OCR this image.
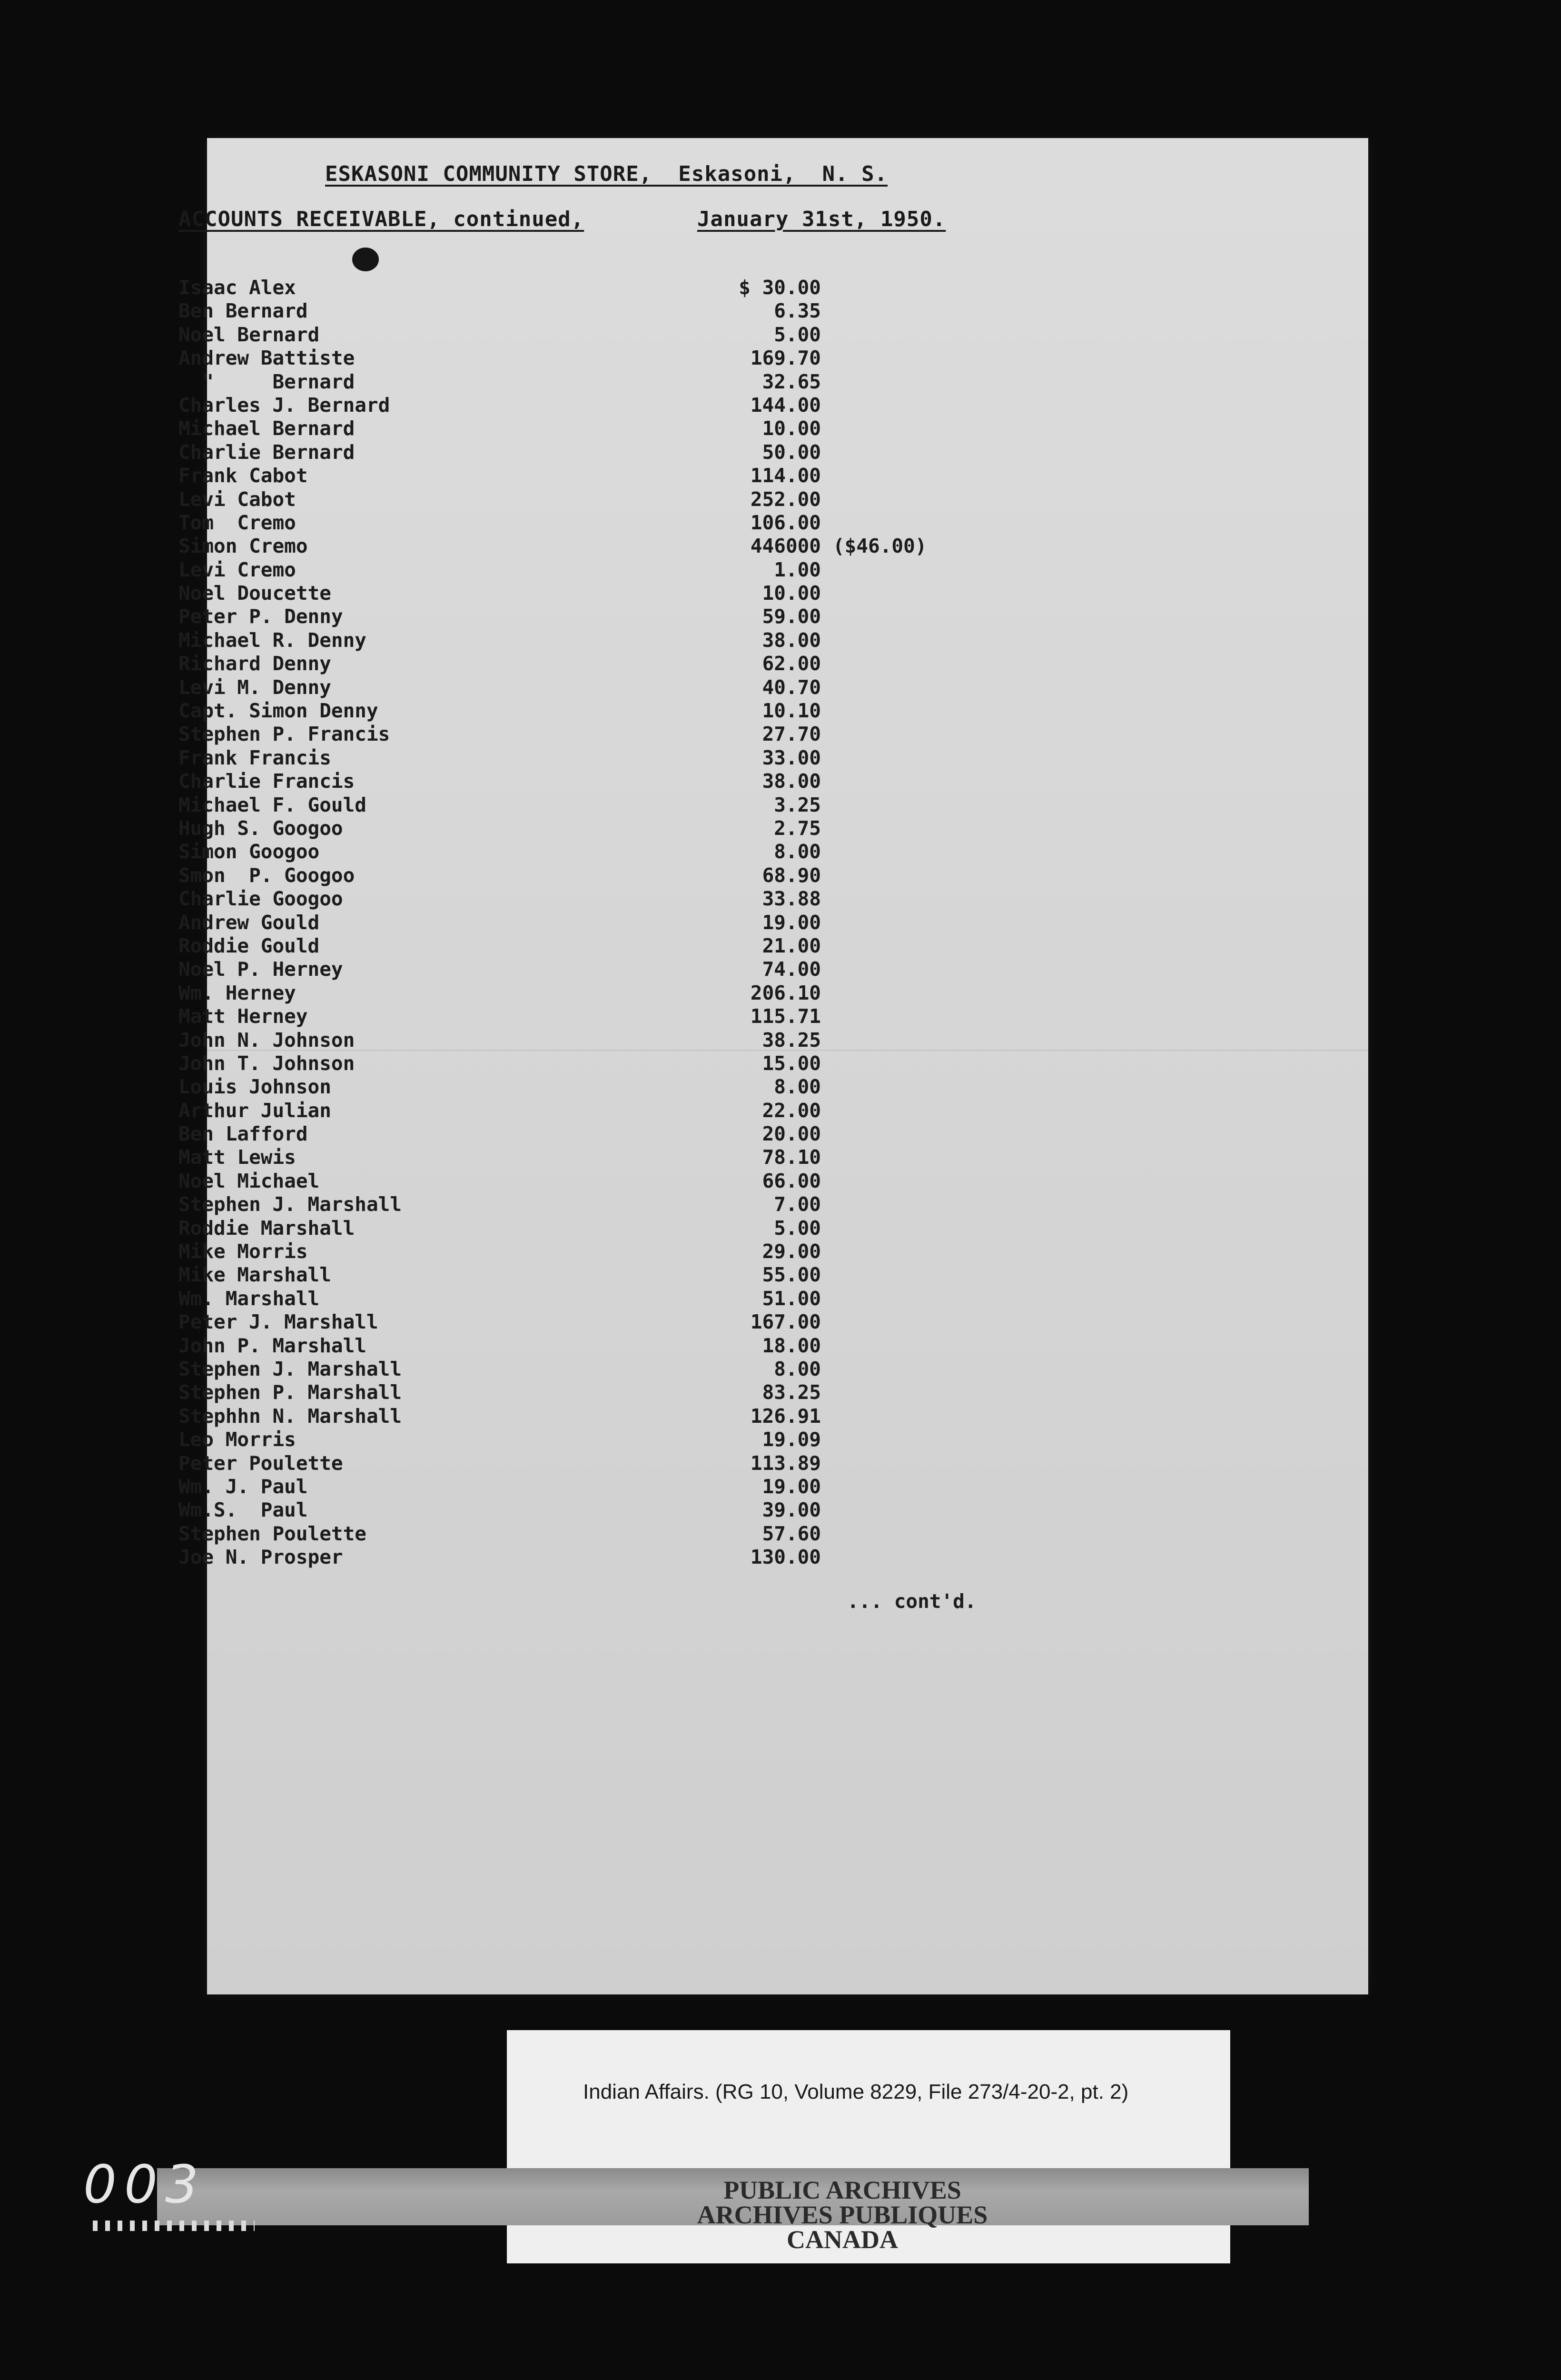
ESKASONI COMMUNITY STORE,  Eskasoni,  N. S.
ACCOUNTS RECEIVABLE, continued,	January 31st, 1950.
Isaac Alex	$ 30.00
Ben Bernard	6.35
Noel Bernard	5.00
Andrew Battiste	169.70
"     Bernard	32.65
Charles J. Bernard	144.00
Michael Bernard	10.00
Charlie Bernard	50.00
Frank Cabot	114.00
Levi Cabot	252.00
Tom  Cremo	106.00
Simon Cremo	446000 ($46.00)
Levi Cremo	1.00
Noel Doucette	10.00
Peter P. Denny	59.00
Michael R. Denny	38.00
Richard Denny	62.00
Levi M. Denny	40.70
Capt. Simon Denny	10.10
Stephen P. Francis	27.70
Frank Francis	33.00
Charlie Francis	38.00
Michael F. Gould	3.25
Hugh S. Googoo	2.75
Simon Googoo	8.00
Smon  P. Googoo	68.90
Charlie Googoo	33.88
Andrew Gould	19.00
Roddie Gould	21.00
Noel P. Herney	74.00
Wm. Herney	206.10
Matt Herney	115.71
John N. Johnson	38.25
John T. Johnson	15.00
Louis Johnson	8.00
Arthur Julian	22.00
Ben Lafford	20.00
Matt Lewis	78.10
Noel Michael	66.00
Stephen J. Marshall	7.00
Roddie Marshall	5.00
Mike Morris	29.00
Mike Marshall	55.00
Wm. Marshall	51.00
Peter J. Marshall	167.00
John P. Marshall	18.00
Stephen J. Marshall	8.00
Stephen P. Marshall	83.25
Stephhn N. Marshall	126.91
Leo Morris	19.09
Peter Poulette	113.89
Wm. J. Paul	19.00
Wm.S.  Paul	39.00
Stephen Poulette	57.60
Joe N. Prosper	130.00
... cont'd.
Indian Affairs. (RG 10, Volume 8229, File 273/4-20-2, pt. 2)
PUBLIC ARCHIVES
ARCHIVES PUBLIQUES
CANADA
003
